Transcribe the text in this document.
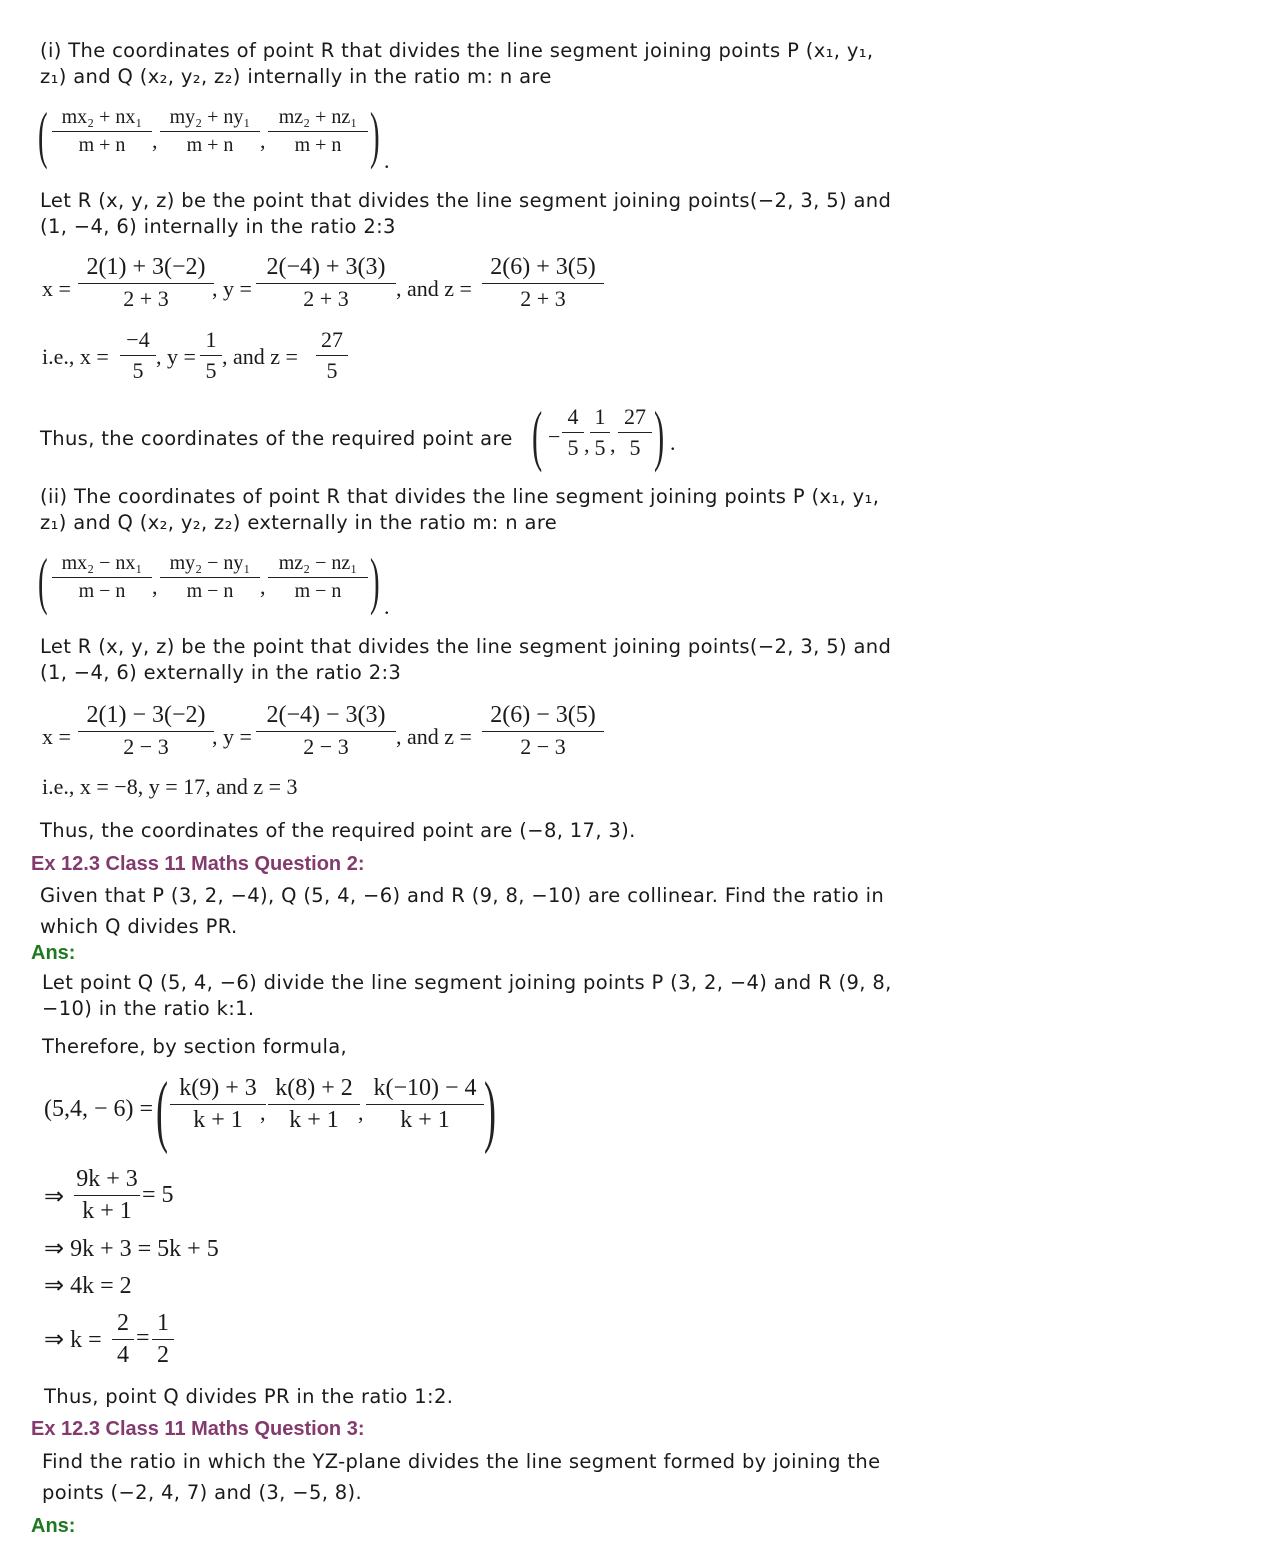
(i) The coordinates of point R that divides the line segment joining points P (x₁, y₁,
z₁) and Q (x₂, y₂, z₂) internally in the ratio m: n are
( mx₂ + nx₁
m + n	,
my₂ + ny₁
m + n	,
mz₂ + nz₁
m + n ) .
Let R (x, y, z) be the point that divides the line segment joining points(−2, 3, 5) and
(1, −4, 6) internally in the ratio 2:3
x =
2(1) + 3(−2)
2 + 3	, y =
2(−4) + 3(3)
2 + 3	, and z =
2(6) + 3(5)
2 + 3
i.e., x =
−4
5
, y =
1
5
, and z =
27
5
Thus, the coordinates of the required point are ( −
4
5 ,
1
5 ,
27
5 ) .
(ii) The coordinates of point R that divides the line segment joining points P (x₁, y₁,
z₁) and Q (x₂, y₂, z₂) externally in the ratio m: n are
( mx₂ − nx₁
m − n	,
my₂ − ny₁
m − n	,
mz₂ − nz₁
m − n ) .
Let R (x, y, z) be the point that divides the line segment joining points(−2, 3, 5) and
(1, −4, 6) externally in the ratio 2:3
x =
2(1) − 3(−2)
2 − 3	, y =
2(−4) − 3(3)
2 − 3	, and z =
2(6) − 3(5)
2 − 3
i.e., x = −8, y = 17, and z = 3
Thus, the coordinates of the required point are (−8, 17, 3).
Ex 12.3 Class 11 Maths Question 2:
Given that P (3, 2, −4), Q (5, 4, −6) and R (9, 8, −10) are collinear. Find the ratio in
which Q divides PR.
Ans:
Let point Q (5, 4, −6) divide the line segment joining points P (3, 2, −4) and R (9, 8,
−10) in the ratio k:1.
Therefore, by section formula,
(5,4, − 6) = ( k(9) + 3
k + 1 ,
k(8) + 2
k + 1 ,
k(−10) − 4
k + 1 )
⇒
9k + 3
k + 1
= 5
⇒ 9k + 3 = 5k + 5
⇒ 4k = 2
⇒ k =
2
4
=
1
2
Thus, point Q divides PR in the ratio 1:2.
Ex 12.3 Class 11 Maths Question 3:
Find the ratio in which the YZ-plane divides the line segment formed by joining the
points (−2, 4, 7) and (3, −5, 8).
Ans:
